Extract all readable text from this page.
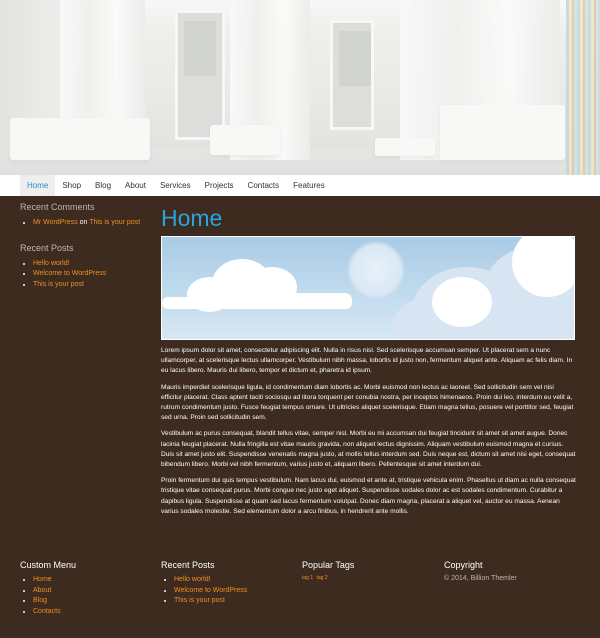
Home	Shop	Blog	About	Services	Projects	Contacts	Features
Recent Comments
• Mr WordPress on This is your post
Recent Posts
• Hello world!
• Welcome to WordPress
• This is your post
Home

Lorem ipsum dolor sit amet, consectetur adipiscing elit. Nulla in risus nisl. Sed scelerisque accumsan semper. Ut placerat sem a nunc ullamcorper, at scelerisque lectus ullamcorper. Vestibulum nibh massa, lobortis id justo non, fermentum aliquet ante. Aliquam ac felis diam. In eu lacus libero. Mauris dui libero, tempor et dictum et, pharetra id ipsum.

Mauris imperdiet scelerisque ligula, id condimentum diam lobortis ac. Morbi euismod non lectus ac laoreet. Sed sollicitudin sem vel nisi efficitur placerat. Class aptent taciti sociosqu ad litora torquent per conubia nostra, per inceptos himenaeos. Proin dui leo, interdum eu velit a, rutrum condimentum justo. Fusce feugiat tempus ornare. Ut ultricies aliquet scelerisque. Etiam magna tellus, posuere vel porttitor sed, feugiat sed urna. Proin sed sollicitudin sem.

Vestibulum ac purus consequat, blandit tellus vitae, semper nisl. Morbi eu mi accumsan dui feugiat tincidunt sit amet sit amet augue. Donec lacinia feugiat placerat. Nulla fringilla est vitae mauris gravida, non aliquet lectus dignissim. Aliquam vestibulum euismod magna et cursus. Duis sit amet justo elit. Suspendisse venenatis magna justo, at mollis tellus interdum sed. Duis neque est, dictum sit amet nisi eget, consequat bibendum libero. Morbi vel nibh fermentum, varius justo et, aliquam libero. Pellentesque sit amet interdum dui.

Proin fermentum dui quis tempus vestibulum. Nam lacus dui, euismod et ante at, tristique vehicula enim. Phasellus ut diam ac nulla consequat tristique vitae consequat purus. Morbi congue nec justo eget aliquet. Suspendisse sodales dolor ac est sodales condimentum. Curabitur a dapibus ligula. Suspendisse at quam sed lacus fermentum volutpat. Donec diam magna, placerat a aliquet vel, auctor eu massa. Aenean varius sodales molestie. Sed elementum dolor a arcu finibus, in hendrerit ante mollis.

Custom Menu
• Home
• About
• Blog
• Contacts
Recent Posts
• Hello world!
• Welcome to WordPress
• This is your post
Popular Tags
tag 1 tag 2
Copyright
© 2014, Billion Themler
